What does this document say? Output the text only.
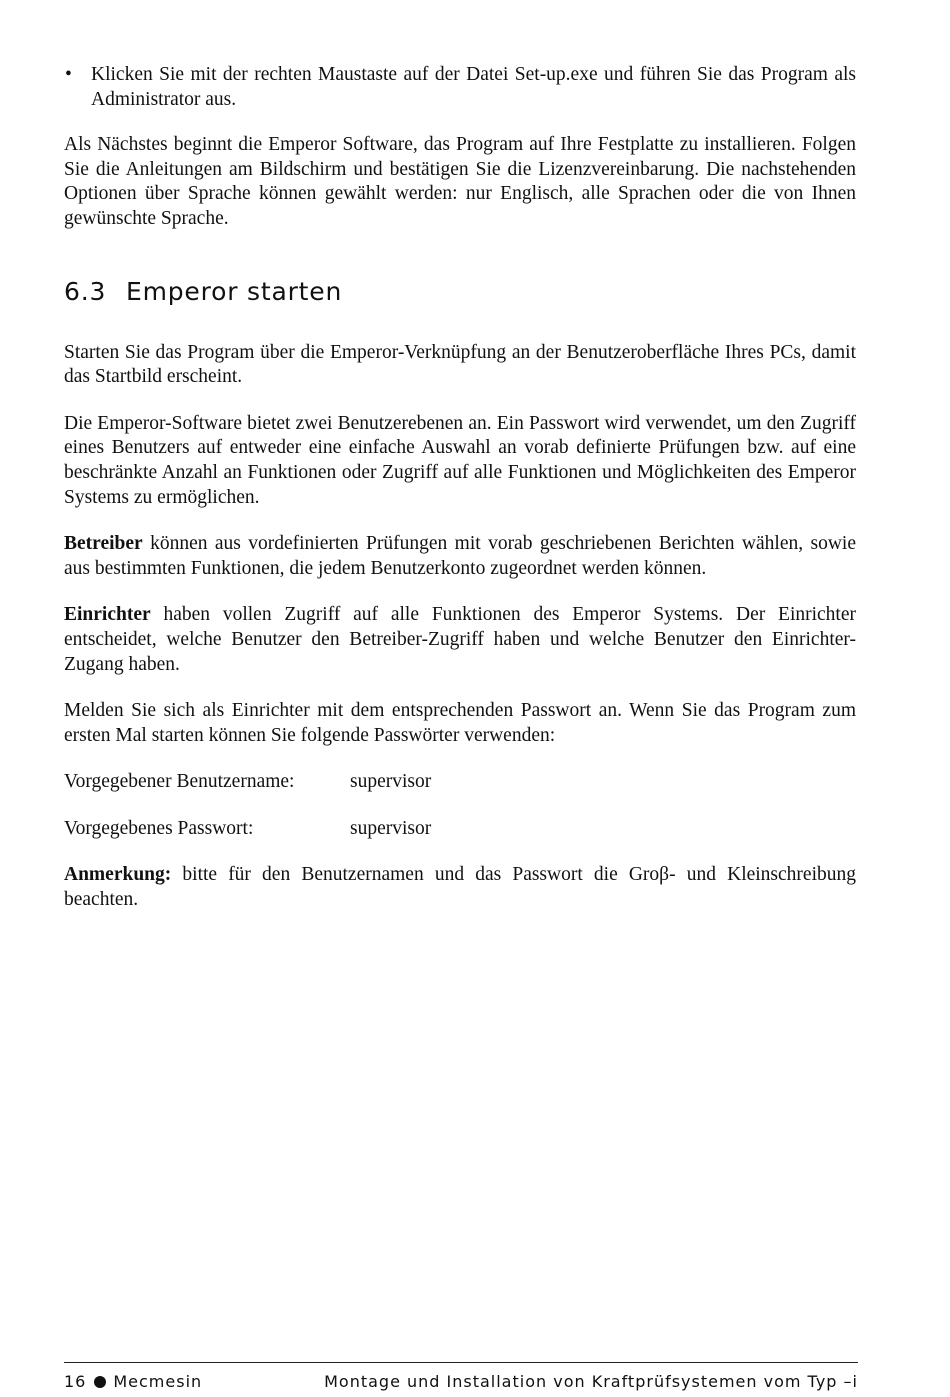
• Klicken Sie mit der rechten Maustaste auf der Datei Set-up.exe und führen Sie das Program als Administrator aus.

Als Nächstes beginnt die Emperor Software, das Program auf Ihre Festplatte zu installieren. Folgen Sie die Anleitungen am Bildschirm und bestätigen Sie die Lizenzvereinbarung. Die nachstehenden Optionen über Sprache können gewählt werden: nur Englisch, alle Sprachen oder die von Ihnen gewünschte Sprache.

6.3 Emperor starten

Starten Sie das Program über die Emperor-Verknüpfung an der Benutzeroberfläche Ihres PCs, damit das Startbild erscheint.

Die Emperor-Software bietet zwei Benutzerebenen an. Ein Passwort wird verwendet, um den Zugriff eines Benutzers auf entweder eine einfache Auswahl an vorab definierte Prüfungen bzw. auf eine beschränkte Anzahl an Funktionen oder Zugriff auf alle Funktionen und Möglichkeiten des Emperor Systems zu ermöglichen.

Betreiber können aus vordefinierten Prüfungen mit vorab geschriebenen Berichten wählen, sowie aus bestimmten Funktionen, die jedem Benutzerkonto zugeordnet werden können.

Einrichter haben vollen Zugriff auf alle Funktionen des Emperor Systems. Der Einrichter entscheidet, welche Benutzer den Betreiber-Zugriff haben und welche Benutzer den Einrichter-Zugang haben.

Melden Sie sich als Einrichter mit dem entsprechenden Passwort an. Wenn Sie das Program zum ersten Mal starten können Sie folgende Passwörter verwenden:

Vorgegebener Benutzername:	supervisor
Vorgegebenes Passwort:	supervisor

Anmerkung: bitte für den Benutzernamen und das Passwort die Groβ- und Kleinschreibung beachten.

16 Mecmesin	Montage und Installation von Kraftprüfsystemen vom Typ –i
